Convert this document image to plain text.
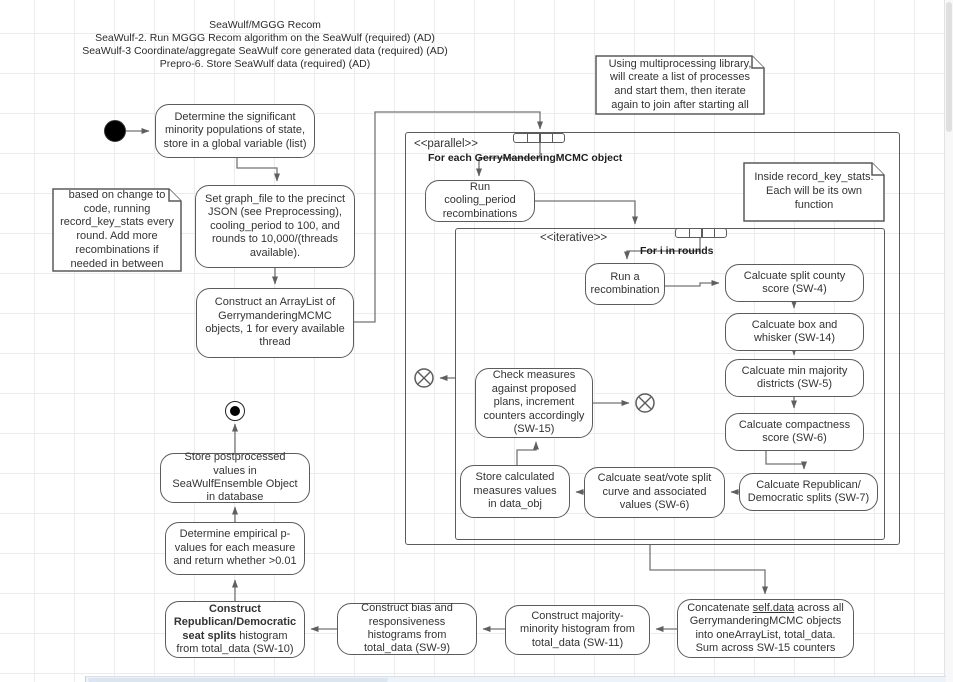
<<parallel>>
For each GerryManderingMCMC object
<<iterative>>
For i in rounds
SeaWulf/MGGG Recom
SeaWulf-2. Run MGGG Recom algorithm on the SeaWulf (required) (AD)
SeaWulf-3 Coordinate/aggregate SeaWulf core generated data (required) (AD)
Prepro-6. Store SeaWulf data (required) (AD)
Determine the significant minority populations of state, store in a global variable (list)
Set graph_file to the precinct JSON (see Preprocessing), cooling_period to 100, and rounds to 10,000/(threads available).
Construct an ArrayList of GerrymanderingMCMC objects, 1 for every available thread
Run cooling_period recombinations
Run a recombination
Calcuate split county score (SW-4)
Calcuate box and whisker (SW-14)
Calcuate min majority districts (SW-5)
Calcuate compactness score (SW-6)
Calcuate Republican/ Democratic splits (SW-7)
Check measures against proposed plans, increment counters accordingly (SW-15)
Store calculated measures values in data_obj
Calcuate seat/vote split curve and associated values (SW-6)
Store postprocessed values in SeaWulfEnsemble Object in database
Determine empirical p-values for each measure and return whether >0.01
Construct Republican/Democratic seat splits histogram from total_data (SW-10)
Construct bias and responsiveness histograms from total_data (SW-9)
Construct majority-minority histogram from total_data (SW-11)
Concatenate self.data across all GerrymanderingMCMC objects into oneArrayList, total_data. Sum across SW-15 counters
Using multiprocessing library, will create a list of processes and start them, then iterate again to join after starting all
based on change to code, running record_key_stats every round. Add more recombinations if needed in between
Inside record_key_stats. Each will be its own function
